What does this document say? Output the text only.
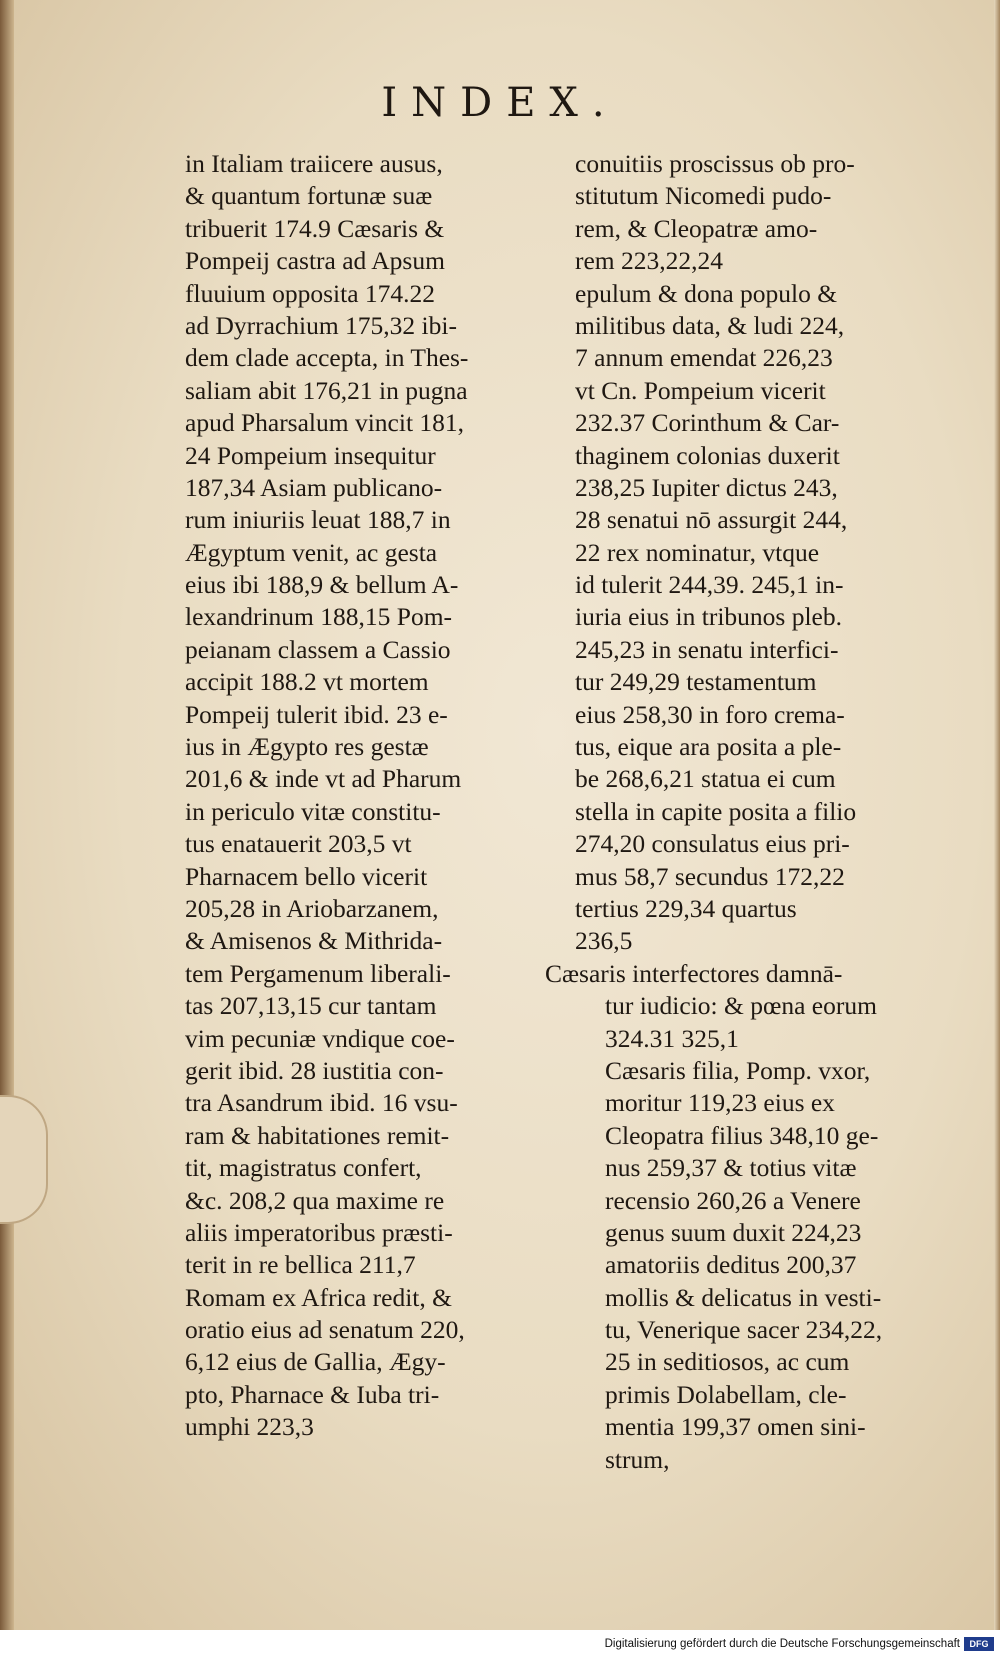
INDEX.
in Italiam traiicere ausus,
& quantum fortunæ suæ
tribuerit 174.9 Cæsaris &
Pompeij castra ad Apsum
fluuium opposita 174.22
ad Dyrrachium 175,32 ibi-
dem clade accepta, in Thes-
saliam abit 176,21 in pugna
apud Pharsalum vincit 181,
24 Pompeium insequitur
187,34 Asiam publicano-
rum iniuriis leuat 188,7 in
Ægyptum venit, ac gesta
eius ibi 188,9 & bellum A-
lexandrinum 188,15 Pom-
peianam classem a Cassio
accipit 188.2 vt mortem
Pompeij tulerit ibid. 23 e-
ius in Ægypto res gestæ
201,6 & inde vt ad Pharum
in periculo vitæ constitu-
tus enatauerit 203,5 vt
Pharnacem bello vicerit
205,28 in Ariobarzanem,
& Amisenos & Mithrida-
tem Pergamenum liberali-
tas 207,13,15 cur tantam
vim pecuniæ vndique coe-
gerit ibid. 28 iustitia con-
tra Asandrum ibid. 16 vsu-
ram & habitationes remit-
tit, magistratus confert,
&c. 208,2 qua maxime re
aliis imperatoribus præsti-
terit in re bellica 211,7
Romam ex Africa redit, &
oratio eius ad senatum 220,
6,12 eius de Gallia, Ægy-
pto, Pharnace & Iuba tri-
umphi 223,3
conuitiis proscissus ob pro-
stitutum Nicomedi pudo-
rem, & Cleopatræ amo-
rem 223,22,24
epulum & dona populo &
militibus data, & ludi 224,
7 annum emendat 226,23
vt Cn. Pompeium vicerit
232.37 Corinthum & Car-
thaginem colonias duxerit
238,25 Iupiter dictus 243,
28 senatui nō assurgit 244,
22 rex nominatur, vtque
id tulerit 244,39. 245,1 in-
iuria eius in tribunos pleb.
245,23 in senatu interfici-
tur 249,29 testamentum
eius 258,30 in foro crema-
tus, eique ara posita a ple-
be 268,6,21 statua ei cum
stella in capite posita a filio
274,20 consulatus eius pri-
mus 58,7 secundus 172,22
tertius 229,34 quartus
236,5
Cæsaris interfectores damnā-
tur iudicio: & pœna eorum
324.31 325,1
Cæsaris filia, Pomp. vxor,
moritur 119,23 eius ex
Cleopatra filius 348,10 ge-
nus 259,37 & totius vitæ
recensio 260,26 a Venere
genus suum duxit 224,23
amatoriis deditus 200,37
mollis & delicatus in vesti-
tu, Venerique sacer 234,22,
25 in seditiosos, ac cum
primis Dolabellam, cle-
mentia 199,37 omen sini-
strum,
Digitalisierung gefördert durch die Deutsche Forschungsgemeinschaft	DFG
